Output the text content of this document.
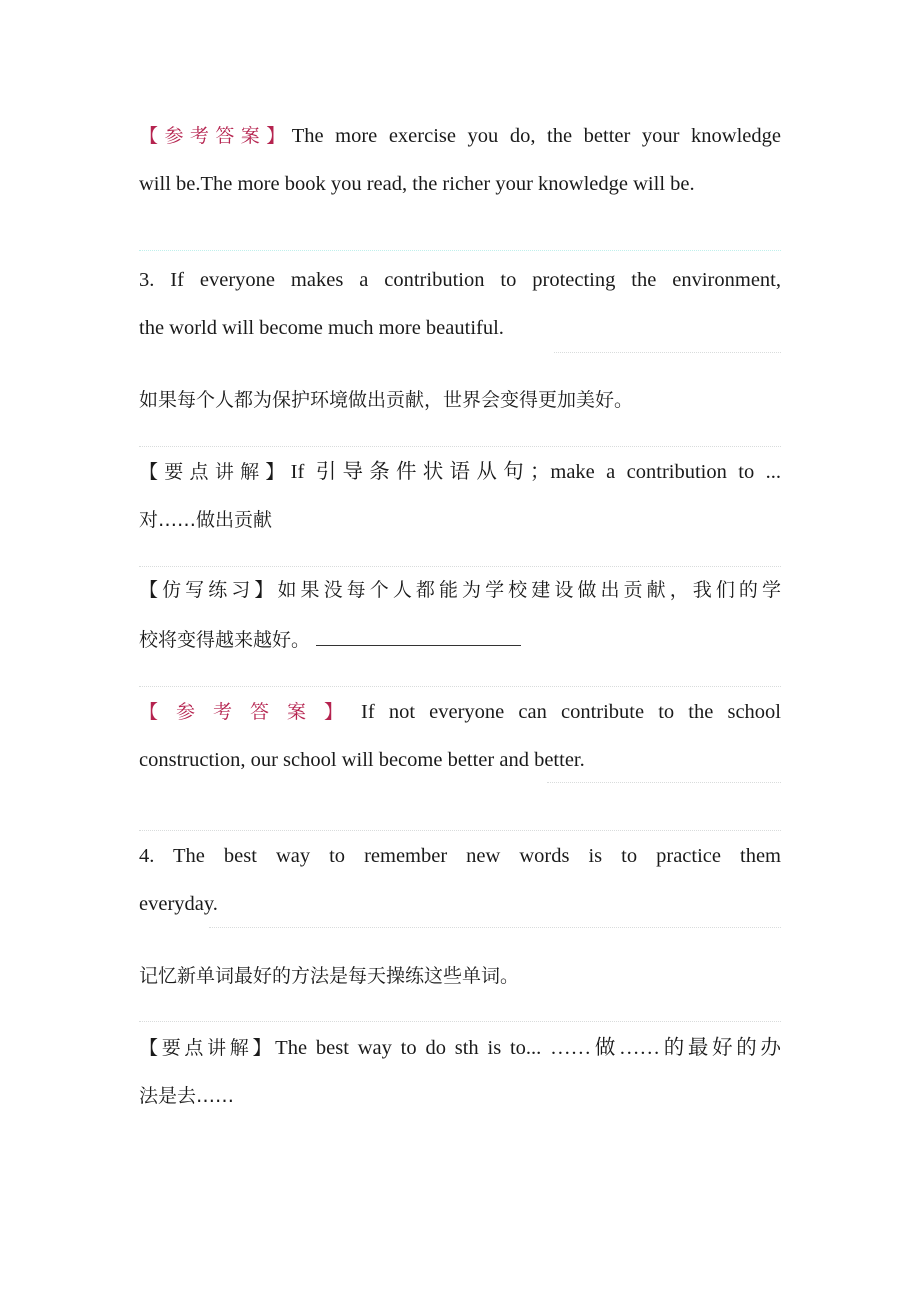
【参考答案】The more exercise you do, the better your knowledge
will be.The more book you read, the richer your knowledge will be.
3. If everyone makes a contribution to protecting the environment,
the world will become much more beautiful.
如果每个人都为保护环境做出贡献，世界会变得更加美好。
【要点讲解】If 引导条件状语从句；make a contribution to ...
对……做出贡献
【仿写练习】如果没每个人都能为学校建设做出贡献，我们的学
校将变得越来越好。
【参考答案】If not everyone can contribute to the school
construction, our school will become better and better.
4. The best way to remember new words is to practice them
everyday.
记忆新单词最好的方法是每天操练这些单词。
【要点讲解】The best way to do sth is to... ……做……的最好的办
法是去……
